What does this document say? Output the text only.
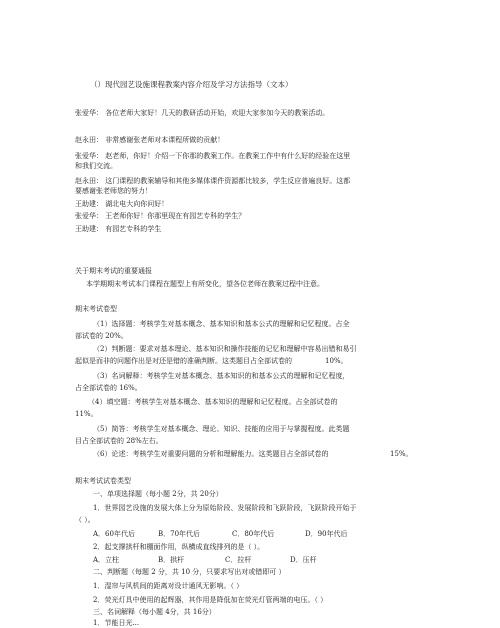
（）现代园艺设施课程教案内容介绍及学习方法指导（文本）
张爱华： 各位老师大家好！几天的教研活动开始，欢迎大家参加今天的教案活动。
赵永田： 非常感谢张老师对本课程所做的贡献！
张爱华： 赵老师，你好！介绍一下你那的教案工作。在教案工作中有什么好的经验在这里
和我们交流。
赵永田： 这门课程的教案辅导和其他多媒体课件资源都比较多，学生反应普遍良好。这都
要感谢张老师您的努力！
王助建： 湖北电大向你问好！
张爱华： 王老师你好！你那里现在有园艺专科的学生？
王助建： 有园艺专科的学生
关于期末考试的重要通报
本学期期末考试本门课程在题型上有所变化，望各位老师在教案过程中注意。
期末考试卷型
（1）选择题：考核学生对基本概念、基本知识和基本公式的理解和记忆程度。占全
部试卷的 20%。
（2）判断题：要求对基本理论、基本知识和操作技能的记忆和理解中容易出错和易引
起似是而非的问题作出是对还是错的准确判断。这类题目占全部试卷的	10%。
（3）名词解释：考核学生对基本概念、基本知识的和基本公式的理解和记忆程度，
占全部试卷的 16%。
（4）填空题：考核学生对基本概念、基本知识的理解和记忆程度。占全部试卷的
11%。
（5）简答：考核学生对基本概念、理论、知识、技能的应用于与掌握程度。此类题
目占全部试卷的 28%左右。
（6）论述：考核学生对重要问题的分析和理解能力。这类题目占全部试卷的	15%。
期末考试试卷类型
一、单项选择题（每小题 2分，共 20分）
1．世界园艺设施的发展大体上分为原始阶段、发展阶段和飞跃阶段，飞跃阶段开始于
（ ）。
A．60年代后	B．70年代后	C．80年代后	D．90年代后
2．起支撑拱杆和棚面作用，纵横成直线排列的是（ ）。
A．立柱	B．拱杆	C．拉杆	D．压杆
二、判断题（每题 2 分，共 10 分，只要求写出对或错即可 ）
1．湿帘与风机间的距离对设计通风无影响。（ ）
2．荧光灯具中使用的起辉器，其作用是降低加在荧光灯管两端的电压。（ ）
三、名词解释（每小题 4分，共 16分）
1．节能日光...
